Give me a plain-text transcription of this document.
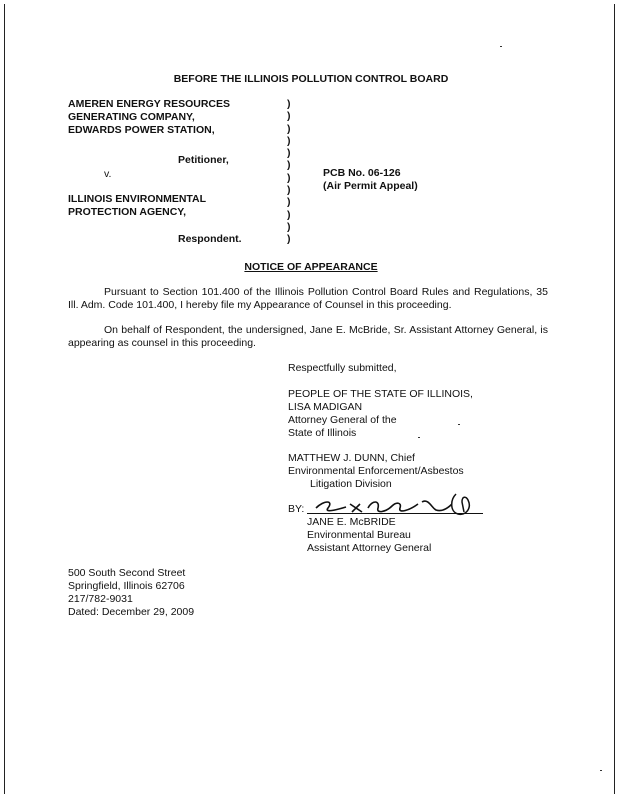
BEFORE THE ILLINOIS POLLUTION CONTROL BOARD
AMEREN ENERGY RESOURCES
GENERATING COMPANY,
EDWARDS POWER STATION,
Petitioner,
v.
ILLINOIS ENVIRONMENTAL
PROTECTION AGENCY,
Respondent.
)
)
)
)
)
)
)
)
)
)
)
)
PCB No. 06-126
(Air Permit Appeal)
NOTICE OF APPEARANCE
Pursuant to Section 101.400 of the Illinois Pollution Control Board Rules and Regulations, 35 Ill. Adm. Code 101.400, I hereby file my Appearance of Counsel in this proceeding.
On behalf of Respondent, the undersigned, Jane E. McBride, Sr. Assistant Attorney General, is appearing as counsel in this proceeding.
Respectfully submitted,
PEOPLE OF THE STATE OF ILLINOIS,
LISA MADIGAN
Attorney General of the
State of Illinois
MATTHEW J. DUNN, Chief
Environmental Enforcement/Asbestos
Litigation Division
BY:
JANE E. McBRIDE
Environmental Bureau
Assistant Attorney General
500 South Second Street
Springfield, Illinois 62706
217/782-9031
Dated: December 29, 2009
